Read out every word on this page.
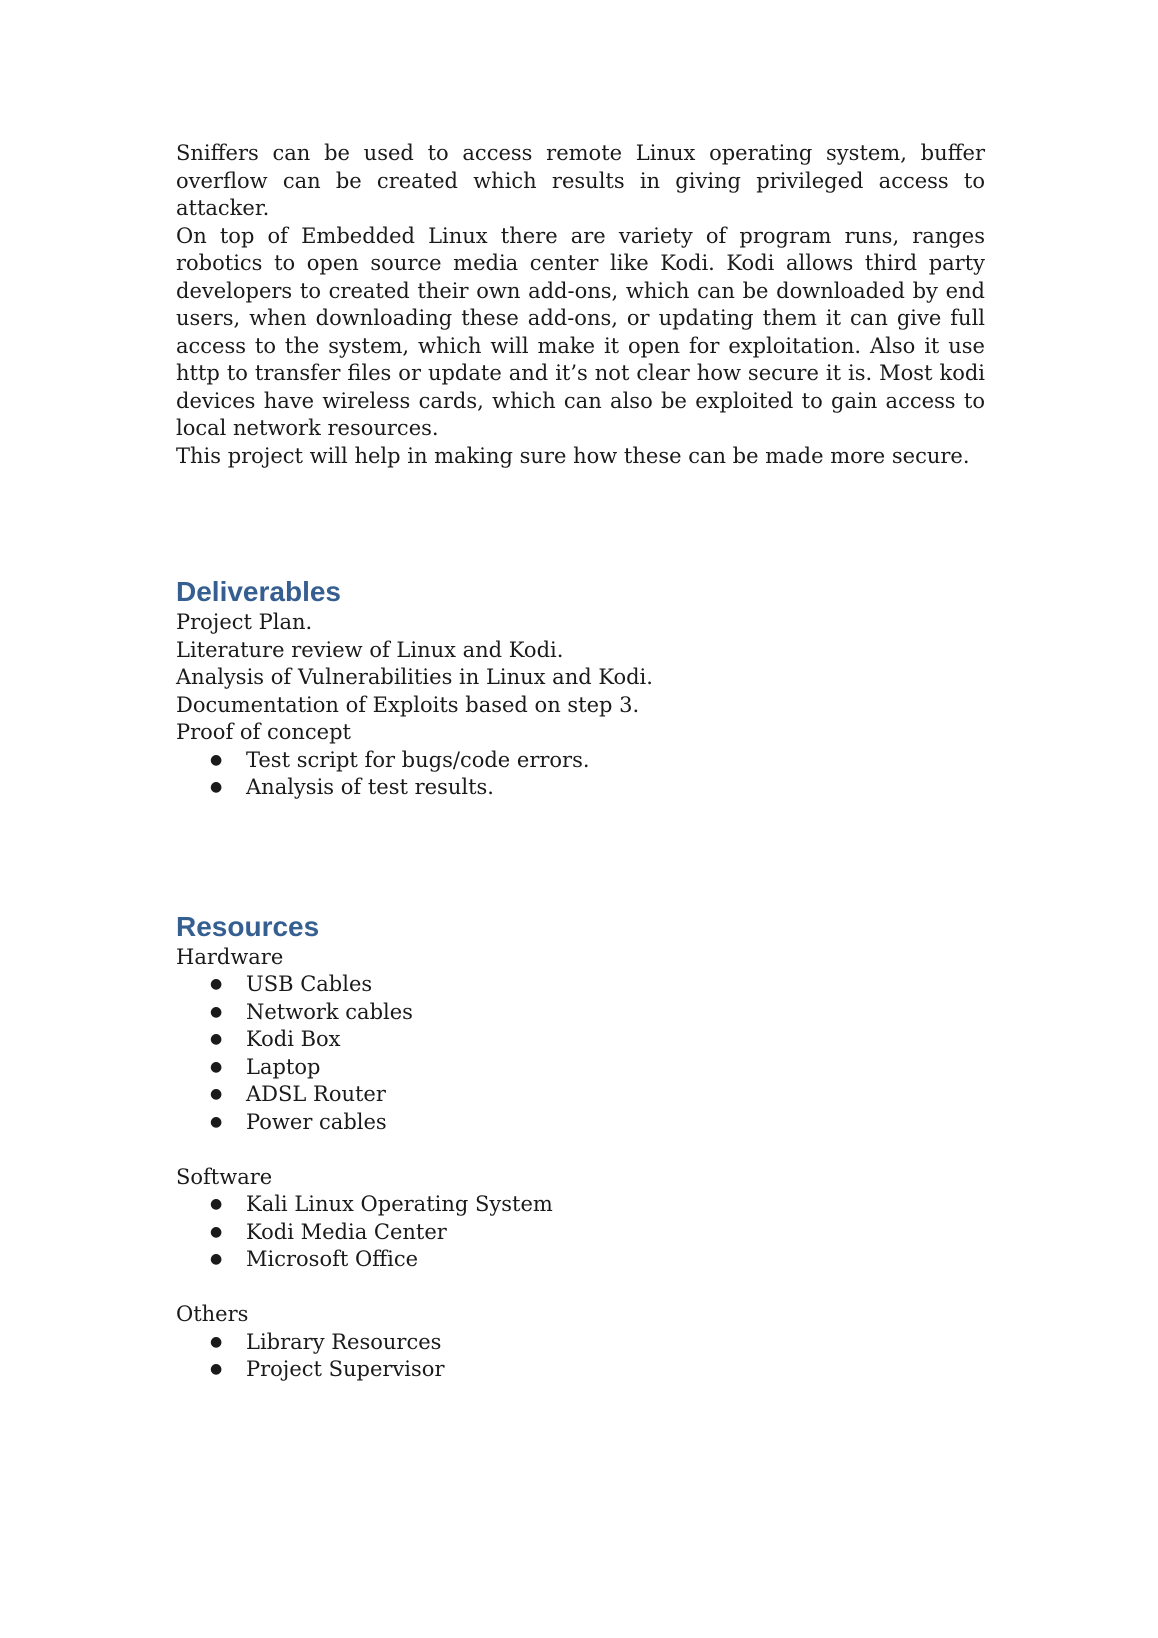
Sniffers can be used to access remote Linux operating system, buffer overflow can be created which results in giving privileged access to attacker.

On top of Embedded Linux there are variety of program runs, ranges robotics to open source media center like Kodi. Kodi allows third party developers to created their own add-ons, which can be downloaded by end users, when downloading these add-ons, or updating them it can give full access to the system, which will make it open for exploitation. Also it use http to transfer files or update and it’s not clear how secure it is. Most kodi devices have wireless cards, which can also be exploited to gain access to local network resources.

This project will help in making sure how these can be made more secure.

Deliverables
Project Plan.
Literature review of Linux and Kodi.
Analysis of Vulnerabilities in Linux and Kodi.
Documentation of Exploits based on step 3.
Proof of concept
● Test script for bugs/code errors.
● Analysis of test results.
Resources
Hardware
● USB Cables
● Network cables
● Kodi Box
● Laptop
● ADSL Router
● Power cables
Software
● Kali Linux Operating System
● Kodi Media Center
● Microsoft Office
Others
● Library Resources
● Project Supervisor
